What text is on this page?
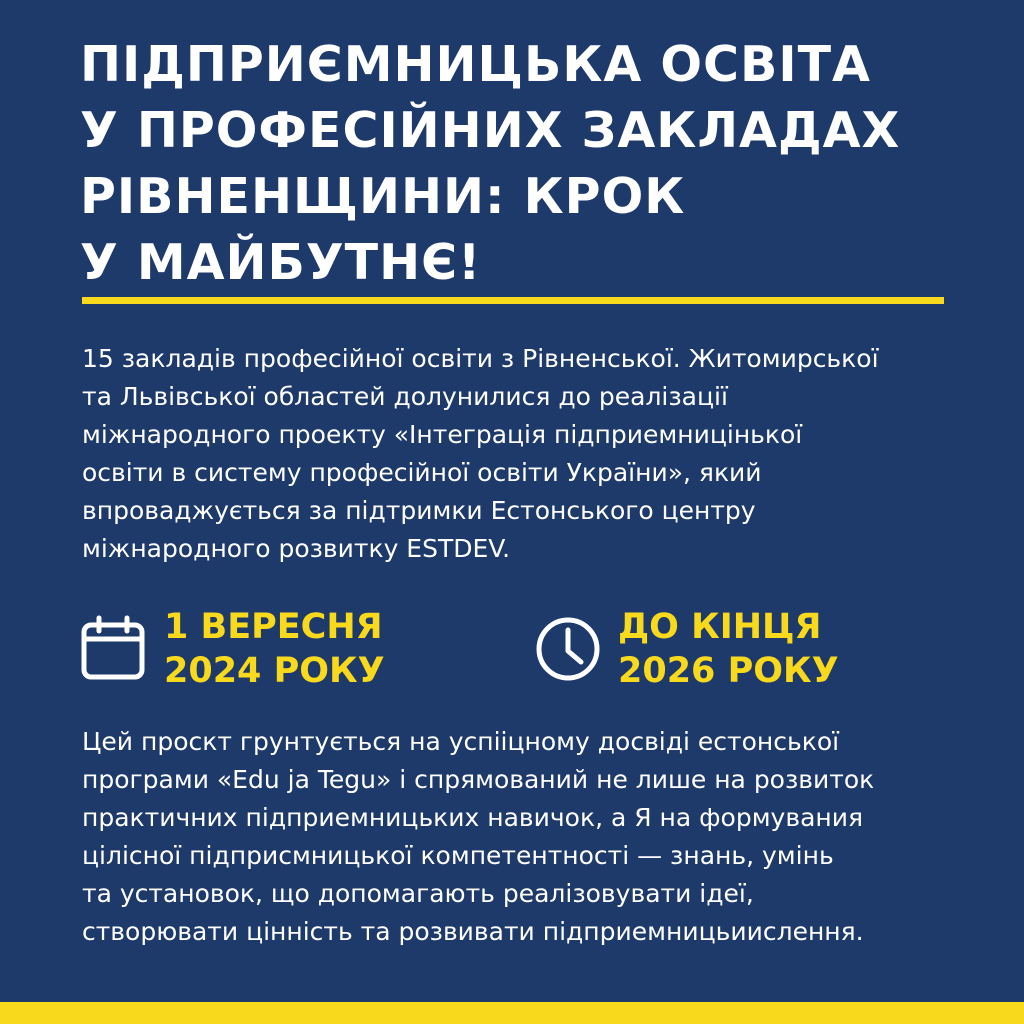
ПІДПРИЄМНИЦЬКА ОСВІТА
У ПРОФЕСІЙНИХ ЗАКЛАДАХ
РІВНЕНЩИНИ: КРОК
У МАЙБУТНЄ!

15 закладів професійної освіти з Рівненської. Житомирської
та Львівської областей долунилися до реалізації
міжнародного проекту «Інтеграція підприемницінької
освіти в систему професійної освіти України», який
впроваджується за підтримки Естонського центру
міжнародного розвитку ESTDEV.

1 ВЕРЕСНЯ
2024 РОКУ
ДО КІНЦЯ
2026 РОКУ

Цей проскт грунтується на успіiцному досвіді естонської
програми «Edu ja Tegu» і спрямований не лише на розвиток
практичних підприемницьких навичок, а Я на формувания
цілісної підприсмницької компетентності — знань, умінь
та установок, що допомагають реалізовувати ідеї,
створювати цінність та розвивати підприемницьиислення.
